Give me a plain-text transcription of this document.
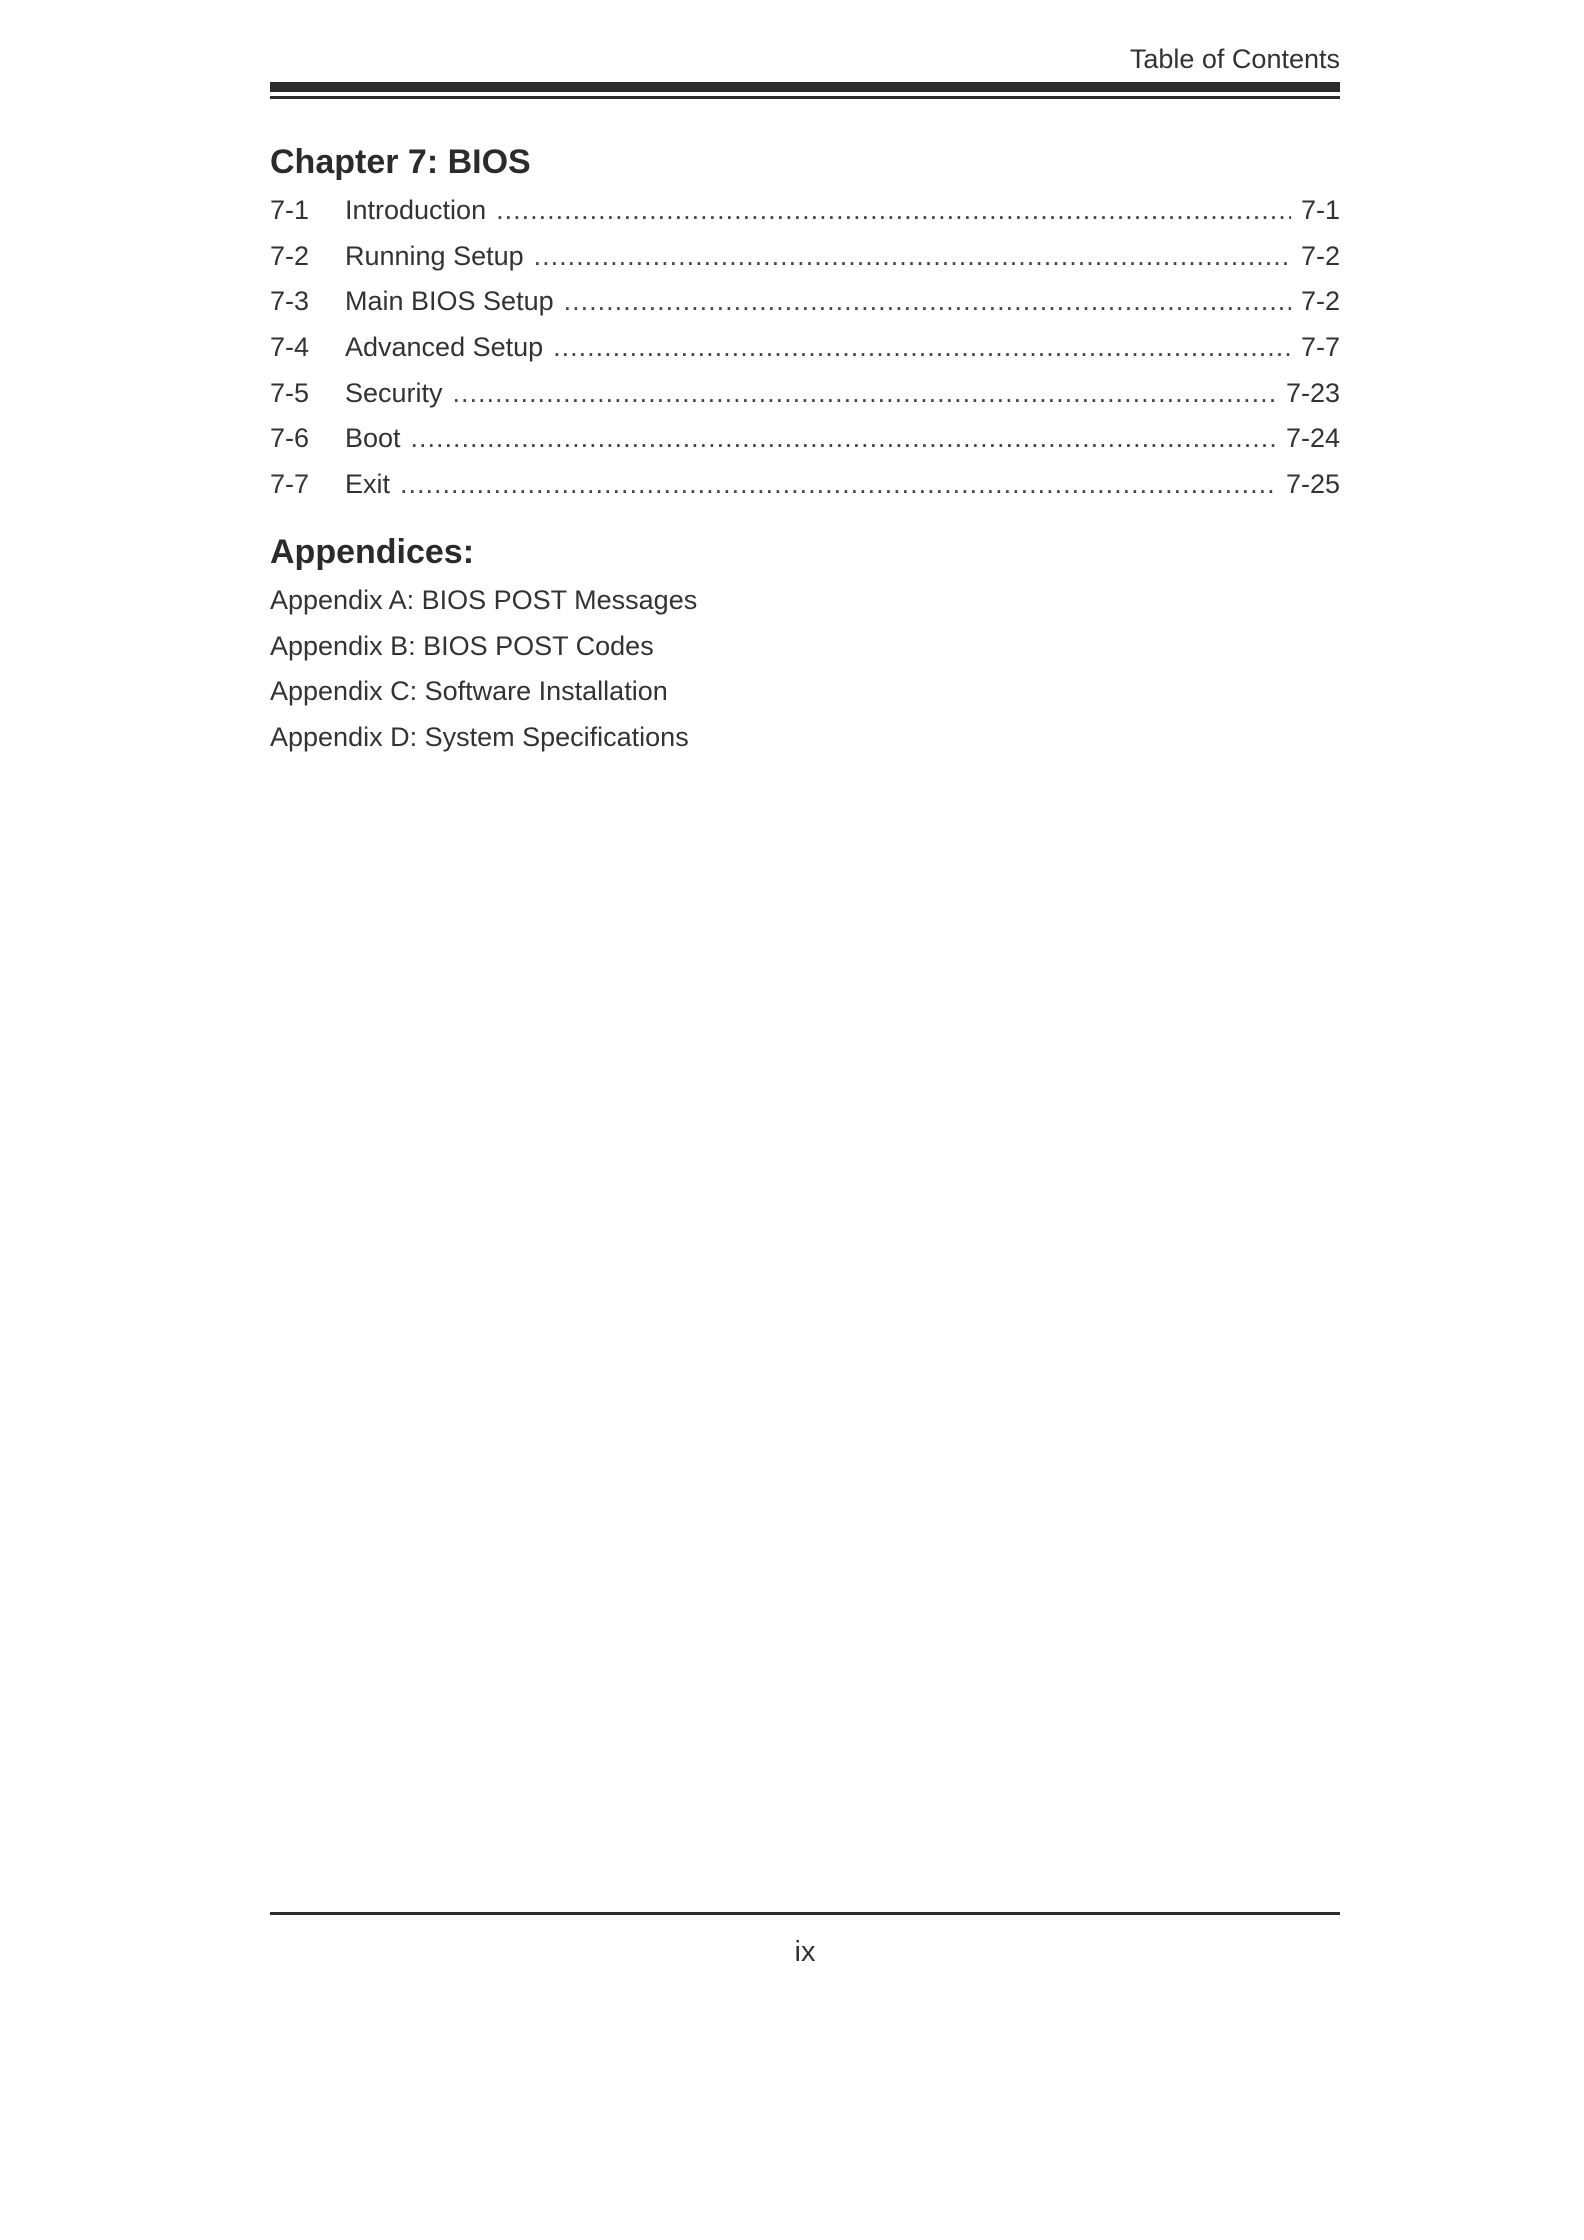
Table of Contents
Chapter 7: BIOS
7-1	Introduction .....	7-1
7-2	Running Setup .....	7-2
7-3	Main BIOS Setup .....	7-2
7-4	Advanced Setup .....	7-7
7-5	Security .....	7-23
7-6	Boot .....	7-24
7-7	Exit .....	7-25
Appendices:
Appendix A: BIOS POST Messages
Appendix B: BIOS POST Codes
Appendix C: Software Installation
Appendix D: System Specifications
ix
